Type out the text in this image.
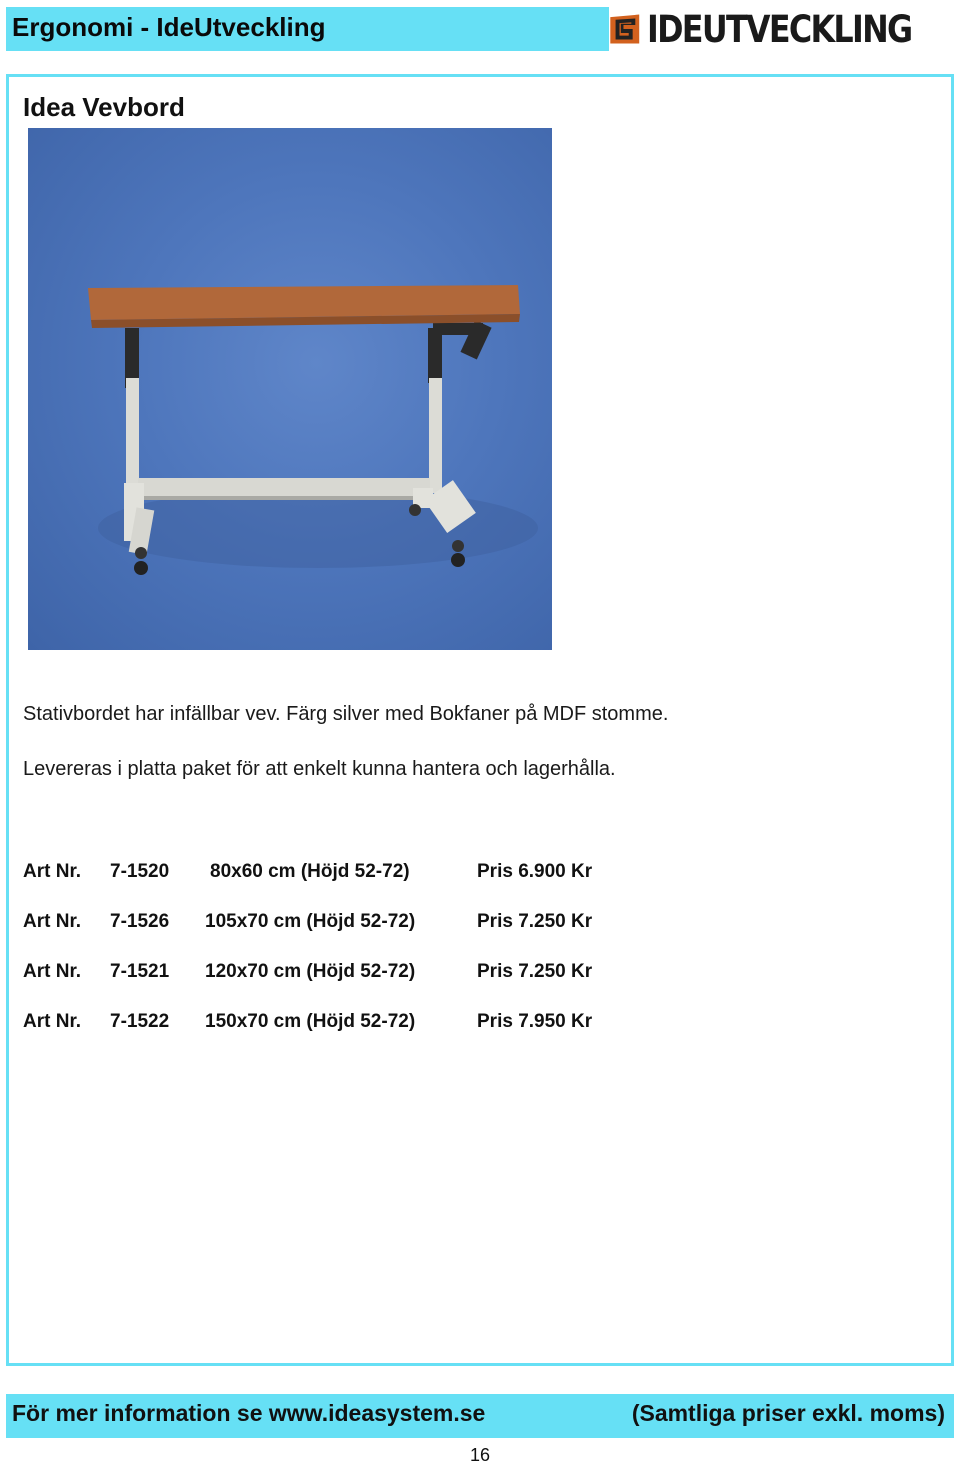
Ergonomi - IdeUtveckling	IDEUTVECKLING
Idea Vevbord

Stativbordet har infällbar vev. Färg silver med Bokfaner på MDF stomme.

Levereras i platta paket för att enkelt kunna hantera och lagerhålla.

Art Nr. 7-1520 80x60 cm (Höjd 52-72)	Pris 6.900 Kr
Art Nr. 7-1526 105x70 cm (Höjd 52-72)	Pris 7.250 Kr
Art Nr. 7-1521 120x70 cm (Höjd 52-72)	Pris 7.250 Kr
Art Nr. 7-1522 150x70 cm (Höjd 52-72)	Pris 7.950 Kr
För mer information se www.ideasystem.se	(Samtliga priser exkl. moms)
16
